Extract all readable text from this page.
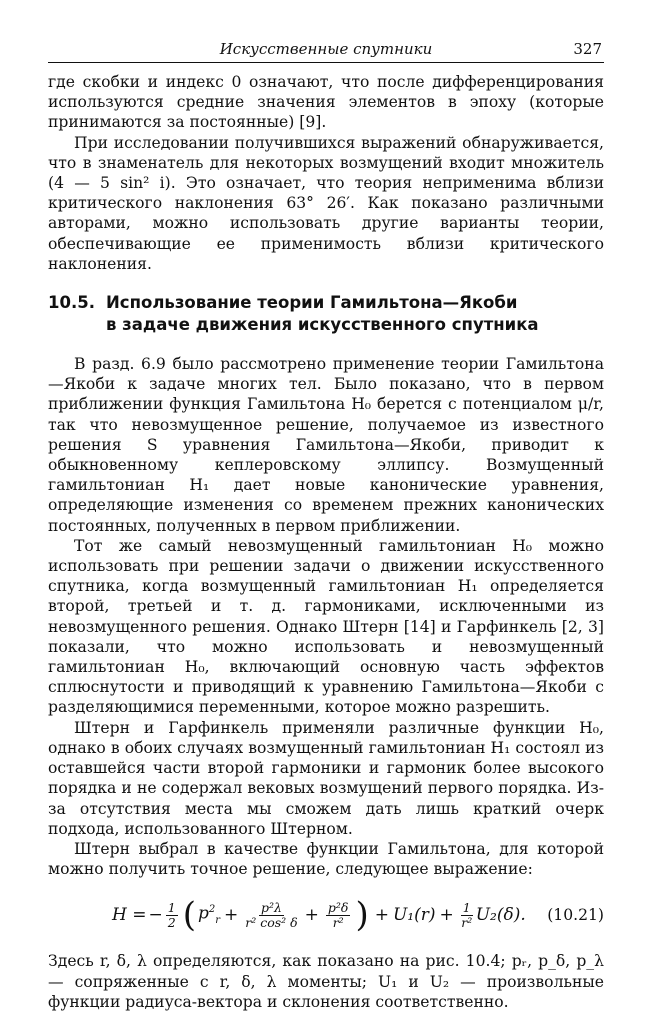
Искусственные спутники	327

где скобки и индекс 0 означают, что после дифференцирования используются средние значения элементов в эпоху (которые принимаются за постоянные) [9].

При исследовании получившихся выражений обнаруживается, что в знаменатель для некоторых возмущений входит множитель (4 — 5 sin² i). Это означает, что теория неприменима вблизи критического наклонения 63° 26′. Как показано различными авторами, можно использовать другие варианты теории, обеспечивающие ее применимость вблизи критического наклонения.

10.5. Использование теории Гамильтона—Якоби
в задаче движения искусственного спутника

В разд. 6.9 было рассмотрено применение теории Гамильтона—Якоби к задаче многих тел. Было показано, что в первом приближении функция Гамильтона H₀ берется с потенциалом μ/r, так что невозмущенное решение, получаемое из известного решения S уравнения Гамильтона—Якоби, приводит к обыкновенному кеплеровскому эллипсу. Возмущенный гамильтониан H₁ дает новые канонические уравнения, определяющие изменения со временем прежних канонических постоянных, полученных в первом приближении.

Тот же самый невозмущенный гамильтониан H₀ можно использовать при решении задачи о движении искусственного спутника, когда возмущенный гамильтониан H₁ определяется второй, третьей и т. д. гармониками, исключенными из невозмущенного решения. Однако Штерн [14] и Гарфинкель [2, 3] показали, что можно использовать и невозмущенный гамильтониан H₀, включающий основную часть эффектов сплюснутости и приводящий к уравнению Гамильтона—Якоби с разделяющимися переменными, которое можно разрешить.

Штерн и Гарфинкель применяли различные функции H₀, однако в обоих случаях возмущенный гамильтониан H₁ состоял из оставшейся части второй гармоники и гармоник более высокого порядка и не содержал вековых возмущений первого порядка. Из-за отсутствия места мы сможем дать лишь краткий очерк подхода, использованного Штерном.

Штерн выбрал в качестве функции Гамильтона, для которой можно получить точное решение, следующее выражение:

H = − $\frac{1}{2}$ ( $p^2_r + \frac{\text{p²λ}}{\text{r² cos² δ}} + \frac{\text{p²δ}}{\text{r²}}$ ) + $U_1(r) + \frac{1}{\text{r²}} U_2(\delta)$. (10.21)

Здесь r, δ, λ определяются, как показано на рис. 10.4; pᵣ, p_δ, p_λ — сопряженные с r, δ, λ моменты; U₁ и U₂ — произвольные функции радиуса-вектора и склонения соответственно.
